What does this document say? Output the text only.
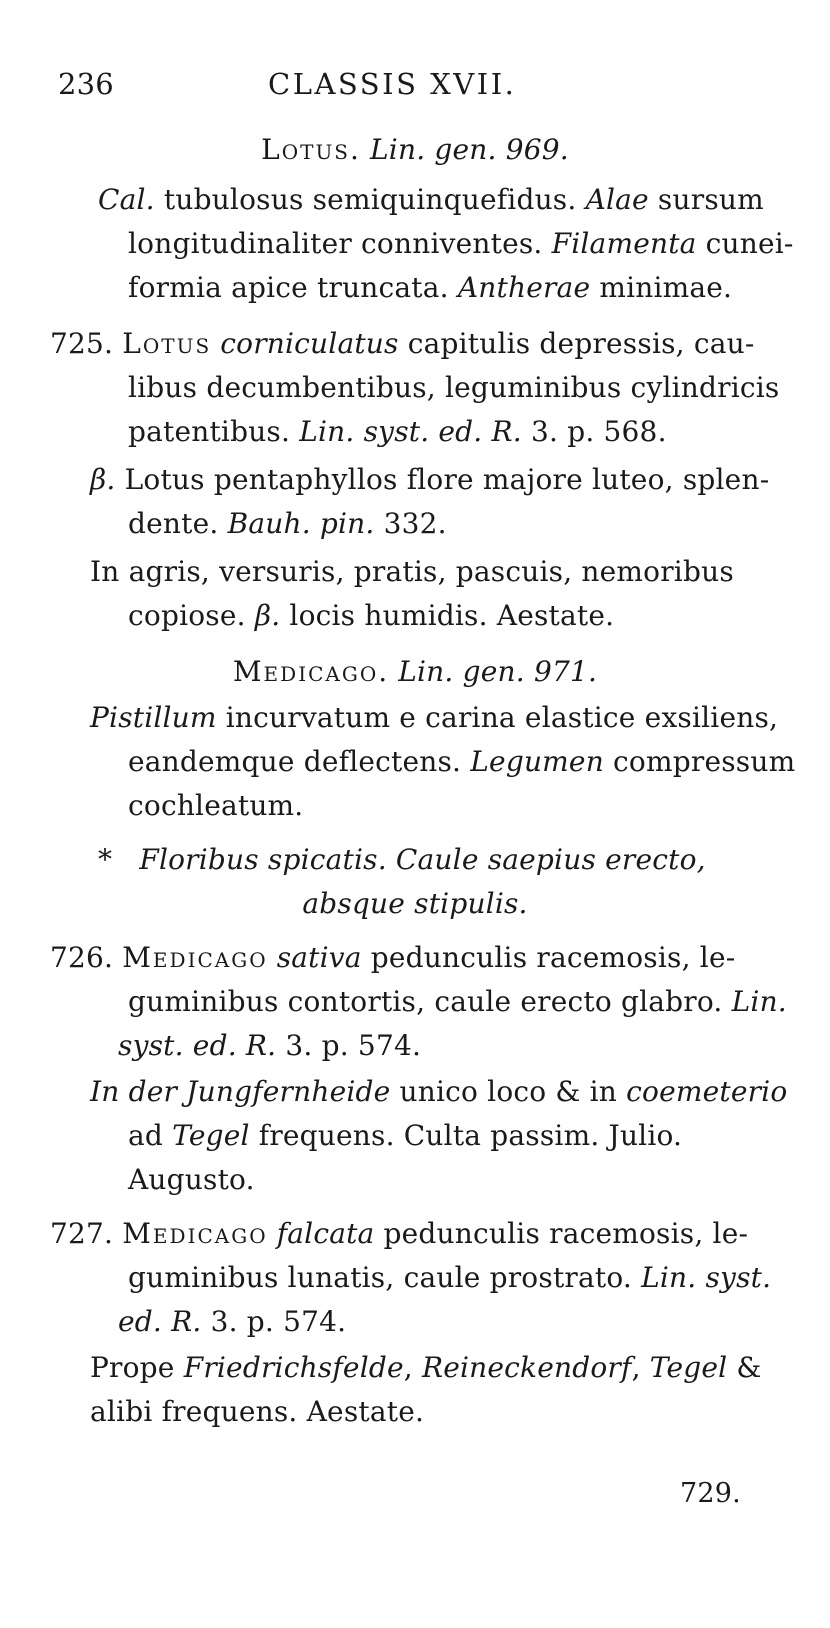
236	CLASSIS XVII.
Lotus. Lin. gen. 969.
Cal. tubulosus semiquinquefidus. Alae sursum
longitudinaliter conniventes. Filamenta cunei-
formia apice truncata. Antherae minimae.
725. Lotus corniculatus capitulis depressis, cau-
libus decumbentibus, leguminibus cylindricis
patentibus. Lin. syst. ed. R. 3. p. 568.
β. Lotus pentaphyllos flore majore luteo, splen-
dente. Bauh. pin. 332.
In agris, versuris, pratis, pascuis, nemoribus
copiose. β. locis humidis. Aestate.
Medicago. Lin. gen. 971.
Pistillum incurvatum e carina elastice exsiliens,
eandemque deflectens. Legumen compressum
cochleatum.
* Floribus spicatis. Caule saepius erecto,
absque stipulis.
726. Medicago sativa pedunculis racemosis, le-
guminibus contortis, caule erecto glabro. Lin.
syst. ed. R. 3. p. 574.
In der Jungfernheide unico loco & in coemeterio
ad Tegel frequens. Culta passim. Julio.
Augusto.
727. Medicago falcata pedunculis racemosis, le-
guminibus lunatis, caule prostrato. Lin. syst.
ed. R. 3. p. 574.
Prope Friedrichsfelde, Reineckendorf, Tegel &
alibi frequens. Aestate.
729.
